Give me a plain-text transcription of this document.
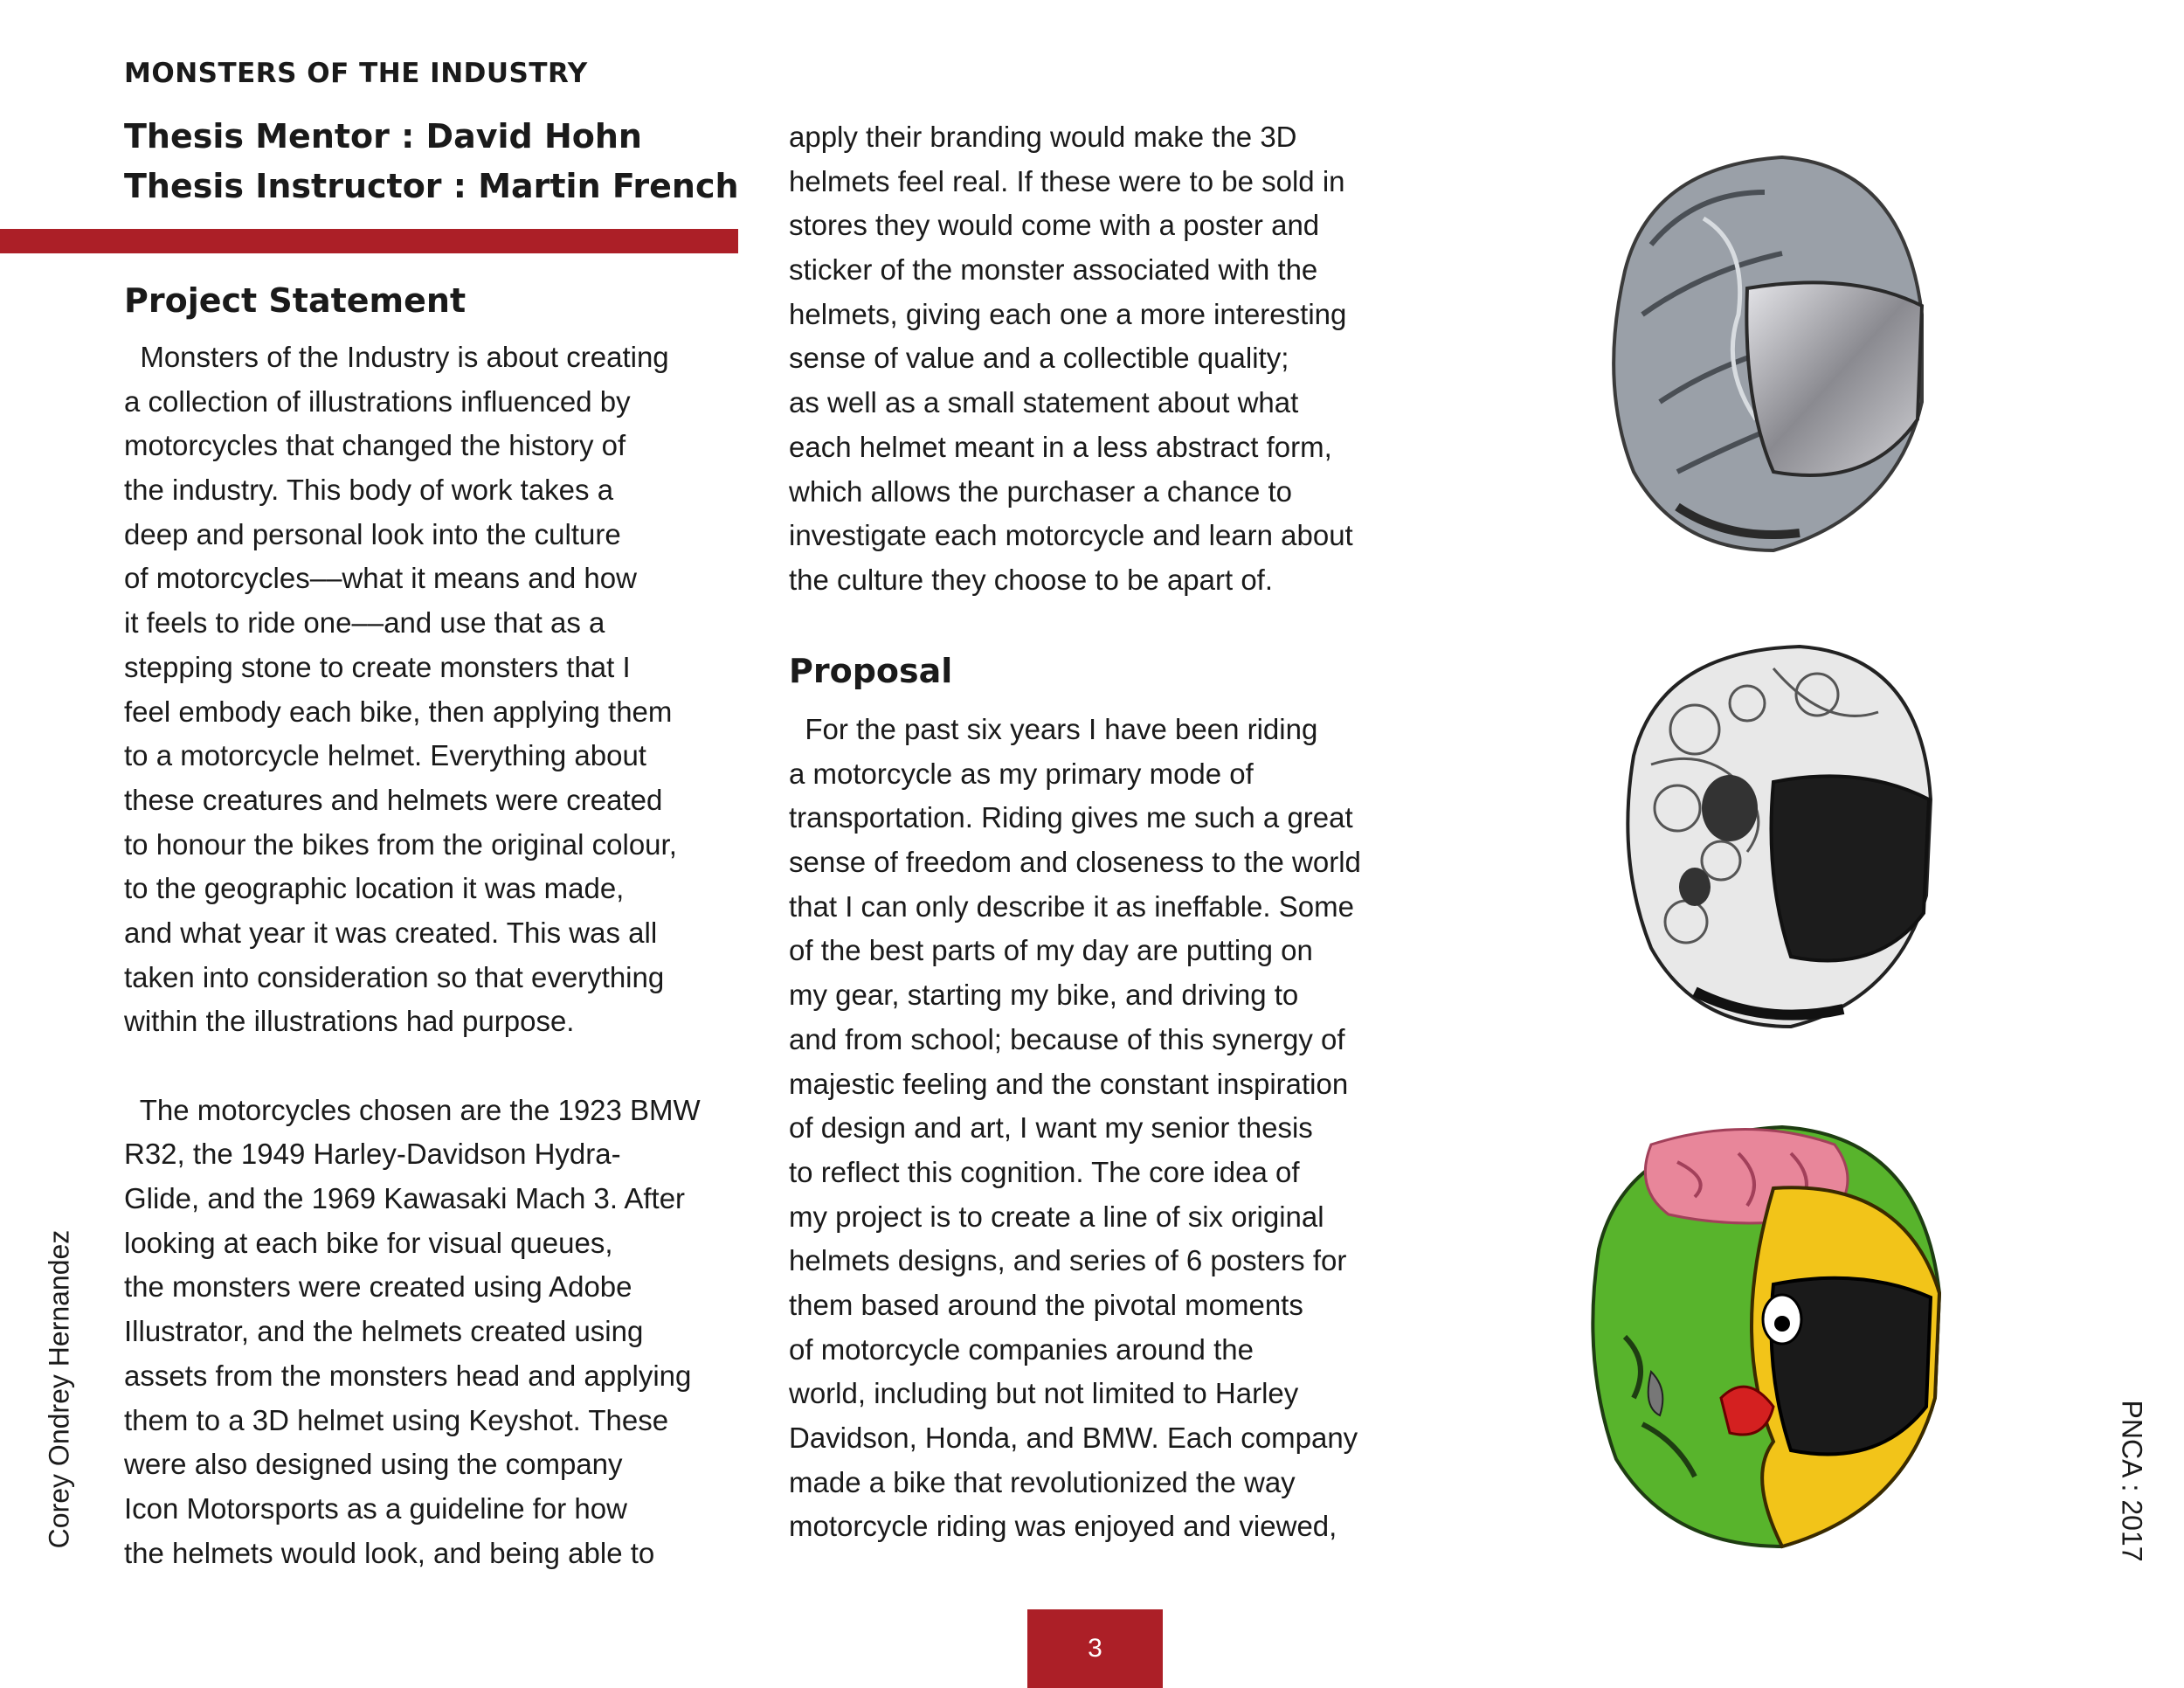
MONSTERS OF THE INDUSTRY
Thesis Mentor : David Hohn
Thesis Instructor : Martin French
Project Statement
Monsters of the Industry is about creating
a collection of illustrations influenced by
motorcycles that changed the history of
the industry. This body of work takes a
deep and personal look into the culture
of motorcycles––what it means and how
it feels to ride one––and use that as a
stepping stone to create monsters that I
feel embody each bike, then applying them
to a motorcycle helmet. Everything about
these creatures and helmets were created
to honour the bikes from the original colour,
to the geographic location it was made,
and what year it was created. This was all
taken into consideration so that everything
within the illustrations had purpose.
The motorcycles chosen are the 1923 BMW
R32, the 1949 Harley-Davidson Hydra-
Glide, and the 1969 Kawasaki Mach 3. After
looking at each bike for visual queues,
the monsters were created using Adobe
Illustrator, and the helmets created using
assets from the monsters head and applying
them to a 3D helmet using Keyshot. These
were also designed using the company
Icon Motorsports as a guideline for how
the helmets would look, and being able to
apply their branding would make the 3D
helmets feel real. If these were to be sold in
stores they would come with a poster and
sticker of the monster associated with the
helmets, giving each one a more interesting
sense of value and a collectible quality;
as well as a small statement about what
each helmet meant in a less abstract form,
which allows the purchaser a chance to
investigate each motorcycle and learn about
the culture they choose to be apart of.
Proposal
For the past six years I have been riding
a motorcycle as my primary mode of
transportation. Riding gives me such a great
sense of freedom and closeness to the world
that I can only describe it as ineffable. Some
of the best parts of my day are putting on
my gear, starting my bike, and driving to
and from school; because of this synergy of
majestic feeling and the constant inspiration
of design and art, I want my senior thesis
to reflect this cognition. The core idea of
my project is to create a line of six original
helmets designs, and series of 6 posters for
them based around the pivotal moments
of motorcycle companies around the
world, including but not limited to Harley
Davidson, Honda, and BMW. Each company
made a bike that revolutionized the way
motorcycle riding was enjoyed and viewed,
Corey Ondrey Hernandez	PNCA : 2017
3
